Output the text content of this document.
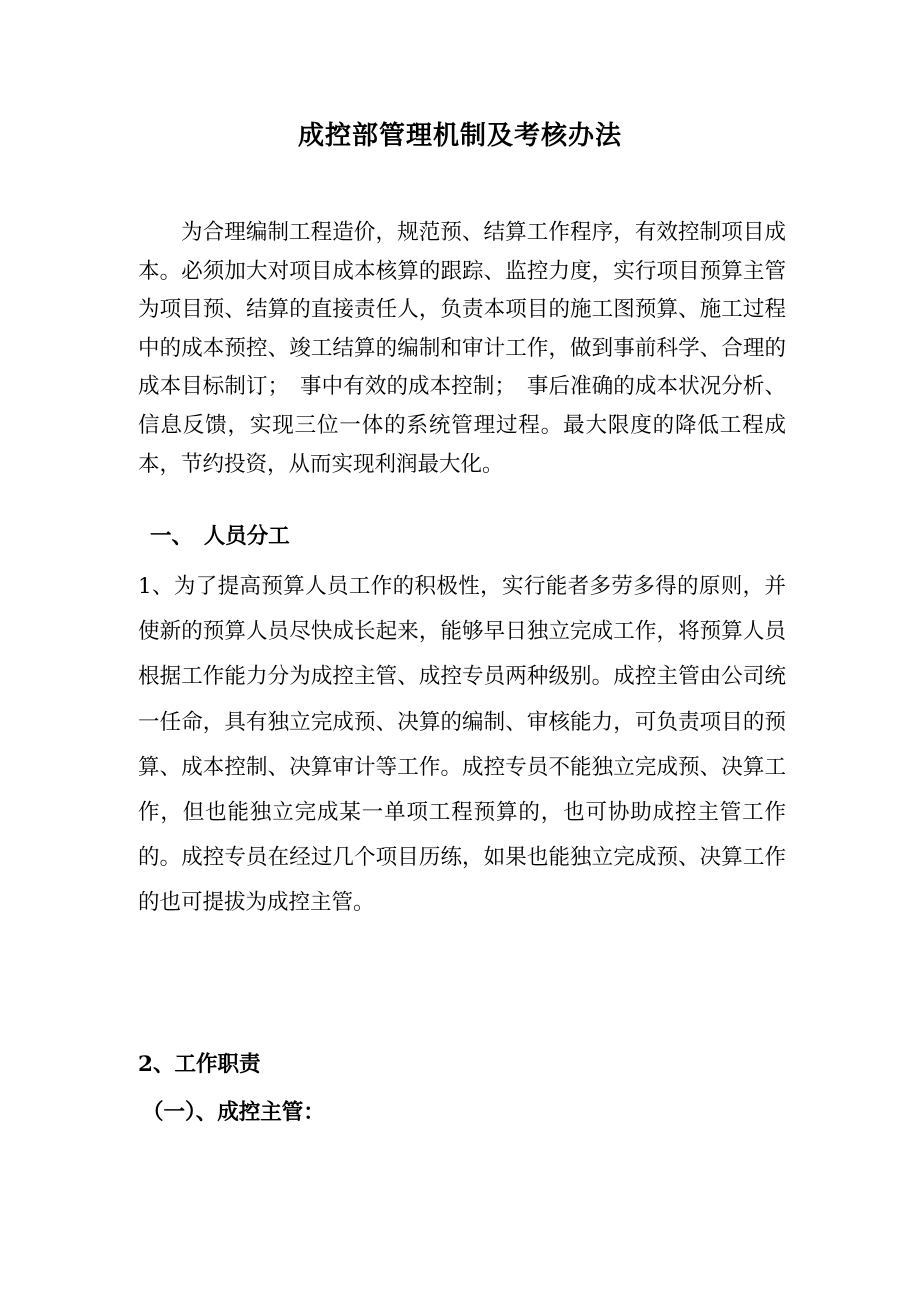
成控部管理机制及考核办法

为合理编制工程造价，规范预、结算工作程序，有效控制项目成本。必须加大对项目成本核算的跟踪、监控力度，实行项目预算主管为项目预、结算的直接责任人，负责本项目的施工图预算、施工过程中的成本预控、竣工结算的编制和审计工作，做到事前科学、合理的成本目标制订；　事中有效的成本控制；　事后准确的成本状况分析、信息反馈，实现三位一体的系统管理过程。最大限度的降低工程成本，节约投资，从而实现利润最大化。

一、　人员分工

1、为了提高预算人员工作的积极性，实行能者多劳多得的原则，并使新的预算人员尽快成长起来，能够早日独立完成工作，将预算人员根据工作能力分为成控主管、成控专员两种级别。成控主管由公司统一任命，具有独立完成预、决算的编制、审核能力，可负责项目的预算、成本控制、决算审计等工作。成控专员不能独立完成预、决算工作，但也能独立完成某一单项工程预算的，也可协助成控主管工作的。成控专员在经过几个项目历练，如果也能独立完成预、决算工作的也可提拔为成控主管。

2、工作职责
（一）、成控主管：
